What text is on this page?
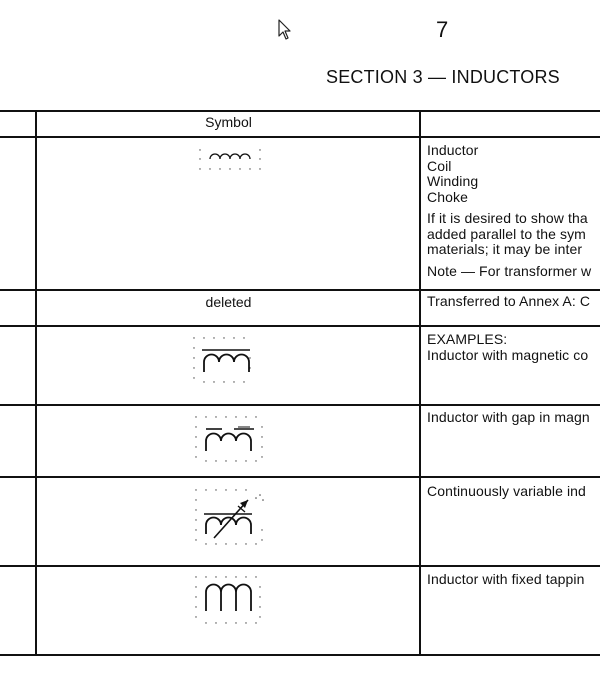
7
SECTION 3 — INDUCTORS
Symbol
Inductor
Coil
Winding
Choke
If it is desired to show tha
added parallel to the sym
materials; it may be inter
Note — For transformer w
deleted	Transferred to Annex A: C
EXAMPLES:
Inductor with magnetic co
Inductor with gap in magn
Continuously variable ind
Inductor with fixed tappin
